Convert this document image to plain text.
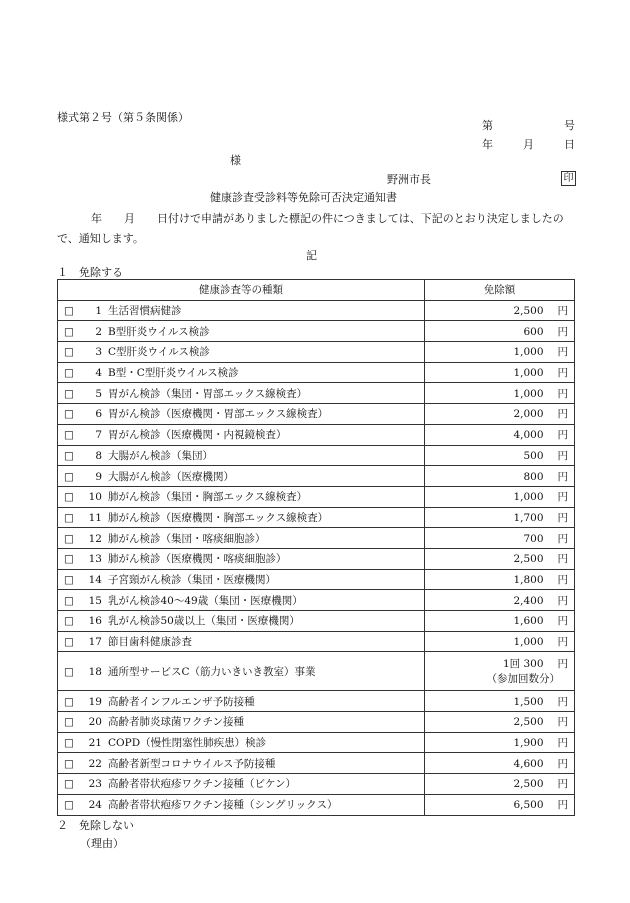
様式第２号（第５条関係）
第	号
年	月	日
様
野洲市長	印
健康診査受診料等免除可否決定通知書
年　　月　　日付けで申請がありました標記の件につきましては、下記のとおり決定しましたので、通知します。
記
１　免除する
健康診査等の種類	免除額
□ 1 生活習慣病健診	2,500 円
□ 2 B型肝炎ウイルス検診	600 円
□ 3 C型肝炎ウイルス検診	1,000 円
□ 4 B型・C型肝炎ウイルス検診	1,000 円
□ 5 胃がん検診（集団・胃部エックス線検査）	1,000 円
□ 6 胃がん検診（医療機関・胃部エックス線検査）	2,000 円
□ 7 胃がん検診（医療機関・内視鏡検査）	4,000 円
□ 8 大腸がん検診（集団）	500 円
□ 9 大腸がん検診（医療機関）	800 円
□ 10 肺がん検診（集団・胸部エックス線検査）	1,000 円
□ 11 肺がん検診（医療機関・胸部エックス線検査）	1,700 円
□ 12 肺がん検診（集団・喀痰細胞診）	700 円
□ 13 肺がん検診（医療機関・喀痰細胞診）	2,500 円
□ 14 子宮頸がん検診（集団・医療機関）	1,800 円
□ 15 乳がん検診40～49歳（集団・医療機関）	2,400 円
□ 16 乳がん検診50歳以上（集団・医療機関）	1,600 円
□ 17 節目歯科健康診査	1,000 円
□ 18 通所型サービスC（筋力いきいき教室）事業	1回 300 円
（参加回数分）

□ 19 高齢者インフルエンザ予防接種	1,500 円
□ 20 高齢者肺炎球菌ワクチン接種	2,500 円
□ 21 COPD（慢性閉塞性肺疾患）検診	1,900 円
□ 22 高齢者新型コロナウイルス予防接種	4,600 円
□ 23 高齢者帯状疱疹ワクチン接種（ビケン）	2,500 円
□ 24 高齢者帯状疱疹ワクチン接種（シングリックス）	6,500 円
２　免除しない
（理由）
